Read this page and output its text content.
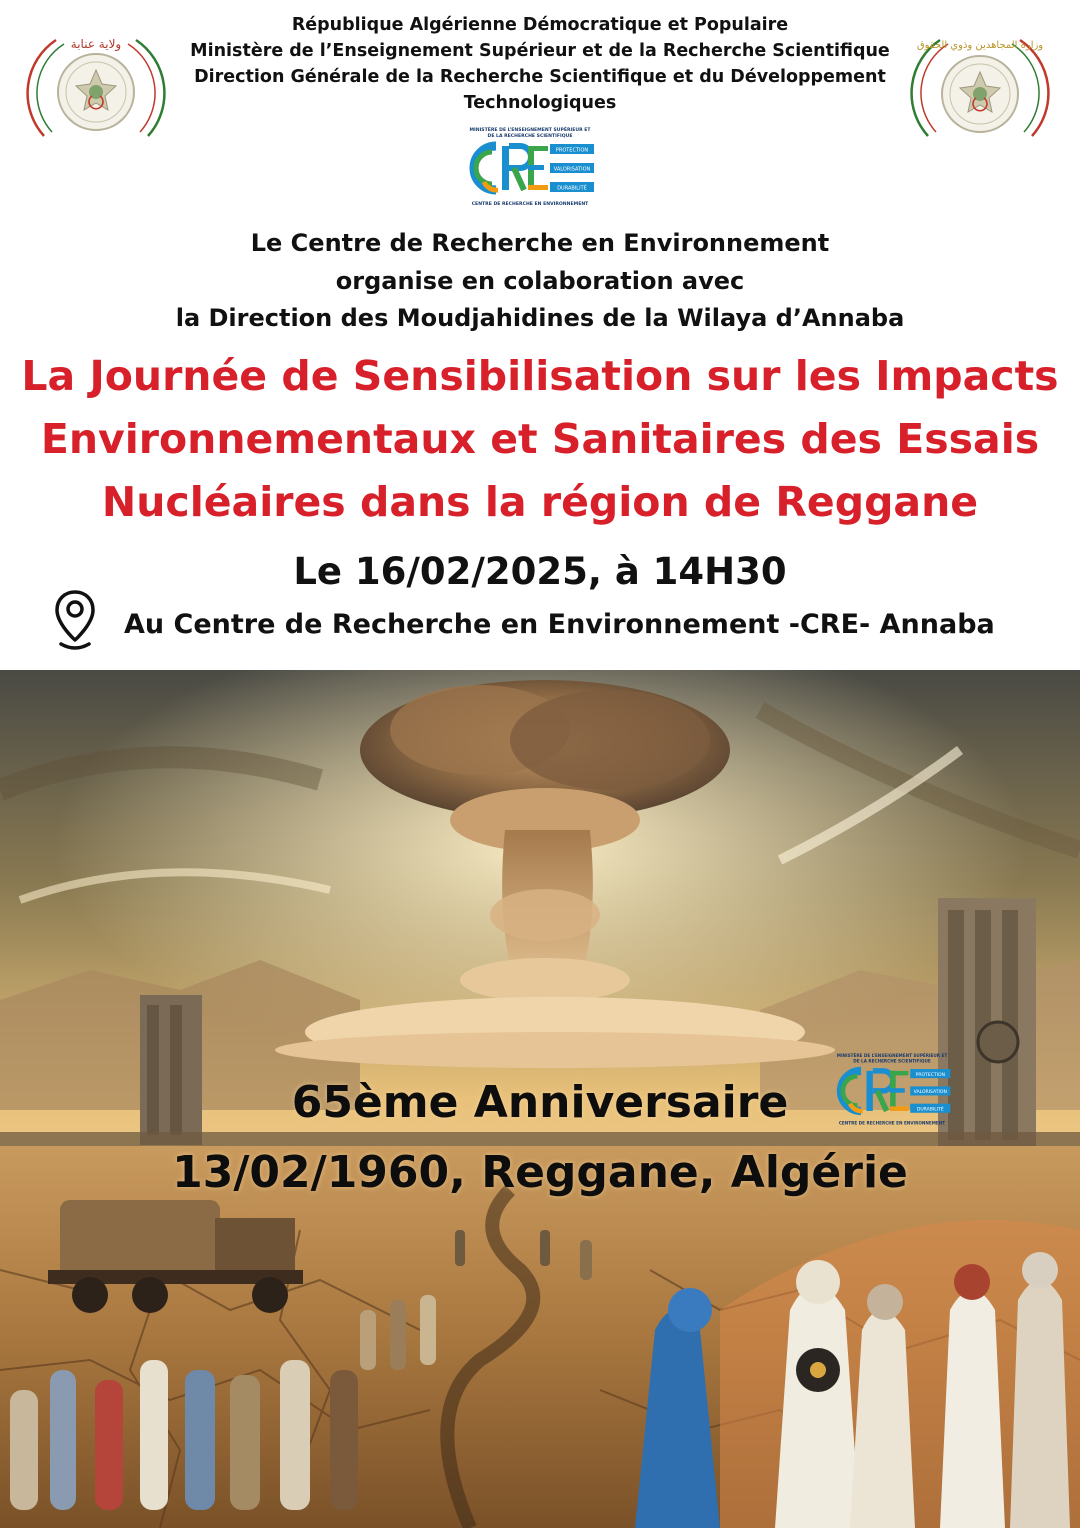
ولاية عنابة	وزارة المجاهدين وذوي الحقوق
République Algérienne Démocratique et Populaire
Ministère de l’Enseignement Supérieur et de la Recherche Scientifique
Direction Générale de la Recherche Scientifique et du Développement
Technologiques
MINISTÈRE DE L’ENSEIGNEMENT SUPÉRIEUR ET
DE LA RECHERCHE SCIENTIFIQUE
PROTECTION
VALORISATION
DURABILITÉ
CENTRE DE RECHERCHE EN ENVIRONNEMENT
Le Centre de Recherche en Environnement
organise en colaboration avec
la Direction des Moudjahidines de la Wilaya d’Annaba
La Journée de Sensibilisation sur les Impacts
Environnementaux et Sanitaires des Essais
Nucléaires dans la région de Reggane
Le 16/02/2025, à 14H30
Au Centre de Recherche en Environnement -CRE- Annaba
65ème Anniversaire
13/02/1960, Reggane, Algérie
MINISTÈRE DE L’ENSEIGNEMENT SUPÉRIEUR ET
DE LA RECHERCHE SCIENTIFIQUE
PROTECTION
VALORISATION
DURABILITÉ
CENTRE DE RECHERCHE EN ENVIRONNEMENT
